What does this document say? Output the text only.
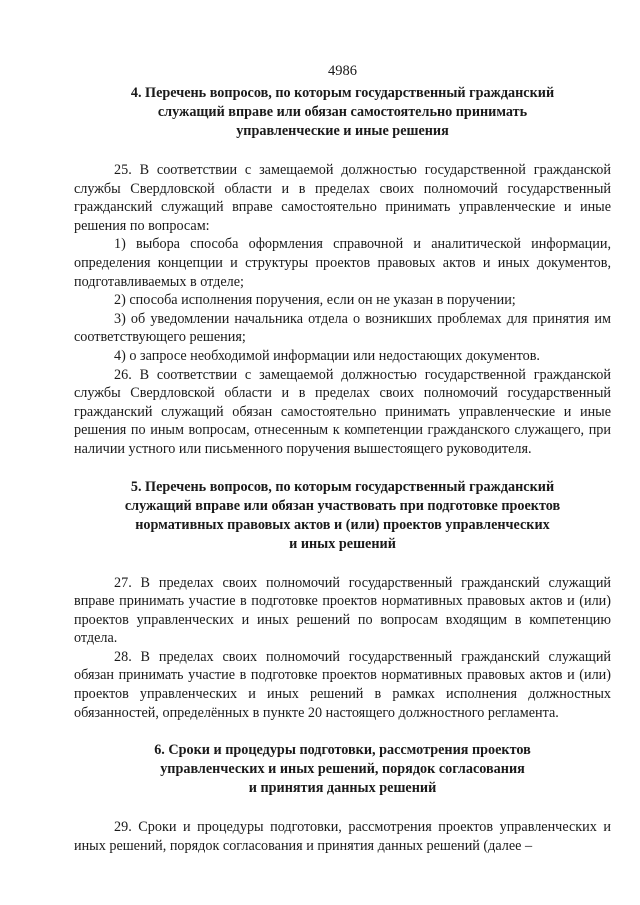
4986
4. Перечень вопросов, по которым государственный гражданский
служащий вправе или обязан самостоятельно принимать
управленческие и иные решения

25. В соответствии с замещаемой должностью государственной гражданской службы Свердловской области и в пределах своих полномочий государственный гражданский служащий вправе самостоятельно принимать управленческие и иные решения по вопросам:

1) выбора способа оформления справочной и аналитической информации, определения концепции и структуры проектов правовых актов и иных документов, подготавливаемых в отделе;

2) способа исполнения поручения, если он не указан в поручении;

3) об уведомлении начальника отдела о возникших проблемах для принятия им соответствующего решения;

4) о запросе необходимой информации или недостающих документов.

26. В соответствии с замещаемой должностью государственной гражданской службы Свердловской области и в пределах своих полномочий государственный гражданский служащий обязан самостоятельно принимать управленческие и иные решения по иным вопросам, отнесенным к компетенции гражданского служащего, при наличии устного или письменного поручения вышестоящего руководителя.

5. Перечень вопросов, по которым государственный гражданский
служащий вправе или обязан участвовать при подготовке проектов
нормативных правовых актов и (или) проектов управленческих
и иных решений

27. В пределах своих полномочий государственный гражданский служащий вправе принимать участие в подготовке проектов нормативных правовых актов и (или) проектов управленческих и иных решений по вопросам входящим в компетенцию отдела.

28. В пределах своих полномочий государственный гражданский служащий обязан принимать участие в подготовке проектов нормативных правовых актов и (или) проектов управленческих и иных решений в рамках исполнения должностных обязанностей, определённых в пункте 20 настоящего должностного регламента.

6. Сроки и процедуры подготовки, рассмотрения проектов
управленческих и иных решений, порядок согласования
и принятия данных решений

29. Сроки и процедуры подготовки, рассмотрения проектов управленческих и иных решений, порядок согласования и принятия данных решений (далее –
